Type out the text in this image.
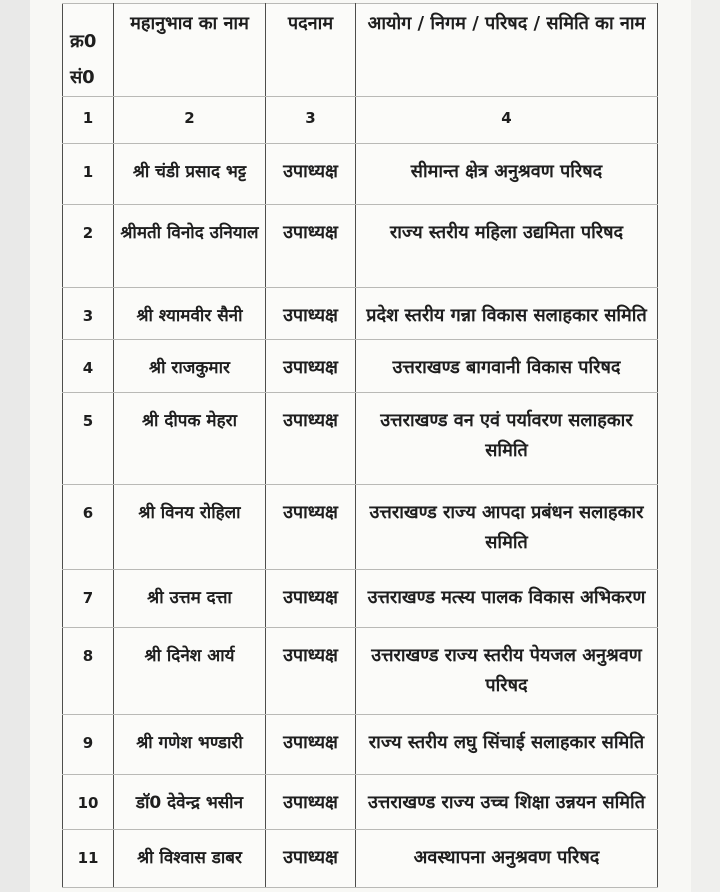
क्र0
सं0	महानुभाव का नाम	पदनाम	आयोग / निगम / परिषद / समिति का नाम
1	2	3	4
1	श्री चंडी प्रसाद भट्ट	उपाध्यक्ष	सीमान्त क्षेत्र अनुश्रवण परिषद
2	श्रीमती विनोद उनियाल	उपाध्यक्ष	राज्य स्तरीय महिला उद्यमिता परिषद
3	श्री श्यामवीर सैनी	उपाध्यक्ष	प्रदेश स्तरीय गन्ना विकास सलाहकार समिति
4	श्री राजकुमार	उपाध्यक्ष	उत्तराखण्ड बागवानी विकास परिषद
5	श्री दीपक मेहरा	उपाध्यक्ष	उत्तराखण्ड वन एवं पर्यावरण सलाहकार समिति
6	श्री विनय रोहिला	उपाध्यक्ष	उत्तराखण्ड राज्य आपदा प्रबंधन सलाहकार समिति
7	श्री उत्तम दत्ता	उपाध्यक्ष	उत्तराखण्ड मत्स्य पालक विकास अभिकरण
8	श्री दिनेश आर्य	उपाध्यक्ष	उत्तराखण्ड राज्य स्तरीय पेयजल अनुश्रवण परिषद
9	श्री गणेश भण्डारी	उपाध्यक्ष	राज्य स्तरीय लघु सिंचाई सलाहकार समिति
10	डॉ0 देवेन्द्र भसीन	उपाध्यक्ष	उत्तराखण्ड राज्य उच्च शिक्षा उन्नयन समिति
11	श्री विश्वास डाबर	उपाध्यक्ष	अवस्थापना अनुश्रवण परिषद
